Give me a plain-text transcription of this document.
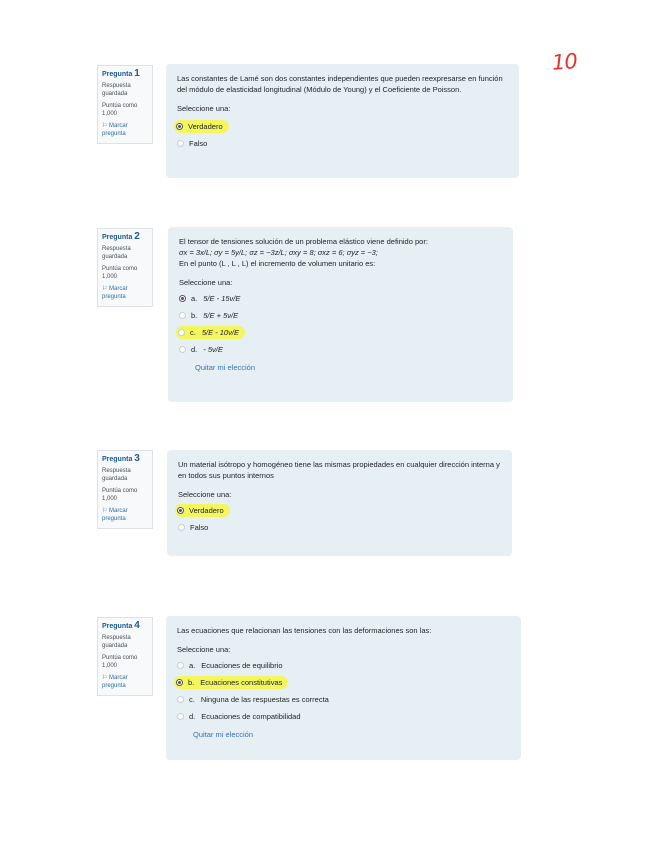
10
Pregunta 1
Respuesta guardada
Puntúa como 1,000
⚐ Marcar pregunta

Las constantes de Lamé son dos constantes independientes que pueden reexpresarse en función del módulo de elasticidad longitudinal (Módulo de Young) y el Coeficiente de Poisson.

Seleccione una:

Verdadero
Falso
Pregunta 2
Respuesta guardada
Puntúa como 1,000
⚐ Marcar pregunta

El tensor de tensiones solución de un problema elástico viene definido por:

σx = 3x/L; σy = 5y/L; σz = −3z/L; σxy = 8; σxz = 6; σyz = −3;

En el punto (L , L , L) el incremento de volumen unitario es:

Seleccione una:

a. 5/E - 15ν/E
b. 5/E + 5ν/E
c. 5/E - 10ν/E
d. - 5ν/E
Quitar mi elección
Pregunta 3
Respuesta guardada
Puntúa como 1,000
⚐ Marcar pregunta

Un material isótropo y homogéneo tiene las mismas propiedades en cualquier dirección interna y en todos sus puntos internos

Seleccione una:

Verdadero
Falso
Pregunta 4
Respuesta guardada
Puntúa como 1,000
⚐ Marcar pregunta

Las ecuaciones que relacionan las tensiones con las deformaciones son las:

Seleccione una:

a. Ecuaciones de equilibrio
b. Ecuaciones constitutivas
c. Ninguna de las respuestas es correcta
d. Ecuaciones de compatibilidad
Quitar mi elección
